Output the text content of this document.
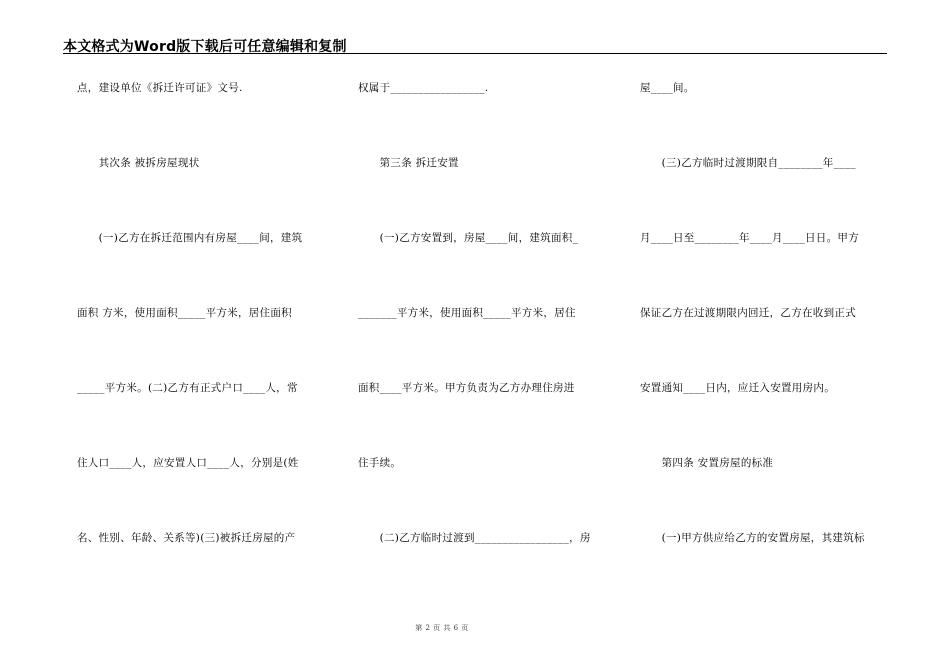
本文格式为Word版下载后可任意编辑和复制
点，建设单位《拆迁许可证》文号.
　　其次条 被拆房屋现状
　　(一)乙方在拆迁范围内有房屋____间，建筑
面积 方米，使用面积_____平方米，居住面积
_____平方米。(二)乙方有正式户口____人，常
住人口____人，应安置人口____人，分别是(姓
名、性别、年龄、关系等)(三)被拆迁房屋的产
权属于_________________.
　　第三条 拆迁安置
　　(一)乙方安置到，房屋____间，建筑面积_
_______平方米，使用面积_____平方米，居住
面积____平方米。甲方负责为乙方办理住房进
住手续。
　　(二)乙方临时过渡到_________________，房
屋____间。
　　(三)乙方临时过渡期限自________年____
月____日至________年____月____日日。甲方
保证乙方在过渡期限内回迁，乙方在收到正式
安置通知____日内，应迁入安置用房内。
　　第四条 安置房屋的标准
　　(一)甲方供应给乙方的安置房屋，其建筑标
第 2 页 共 6 页
